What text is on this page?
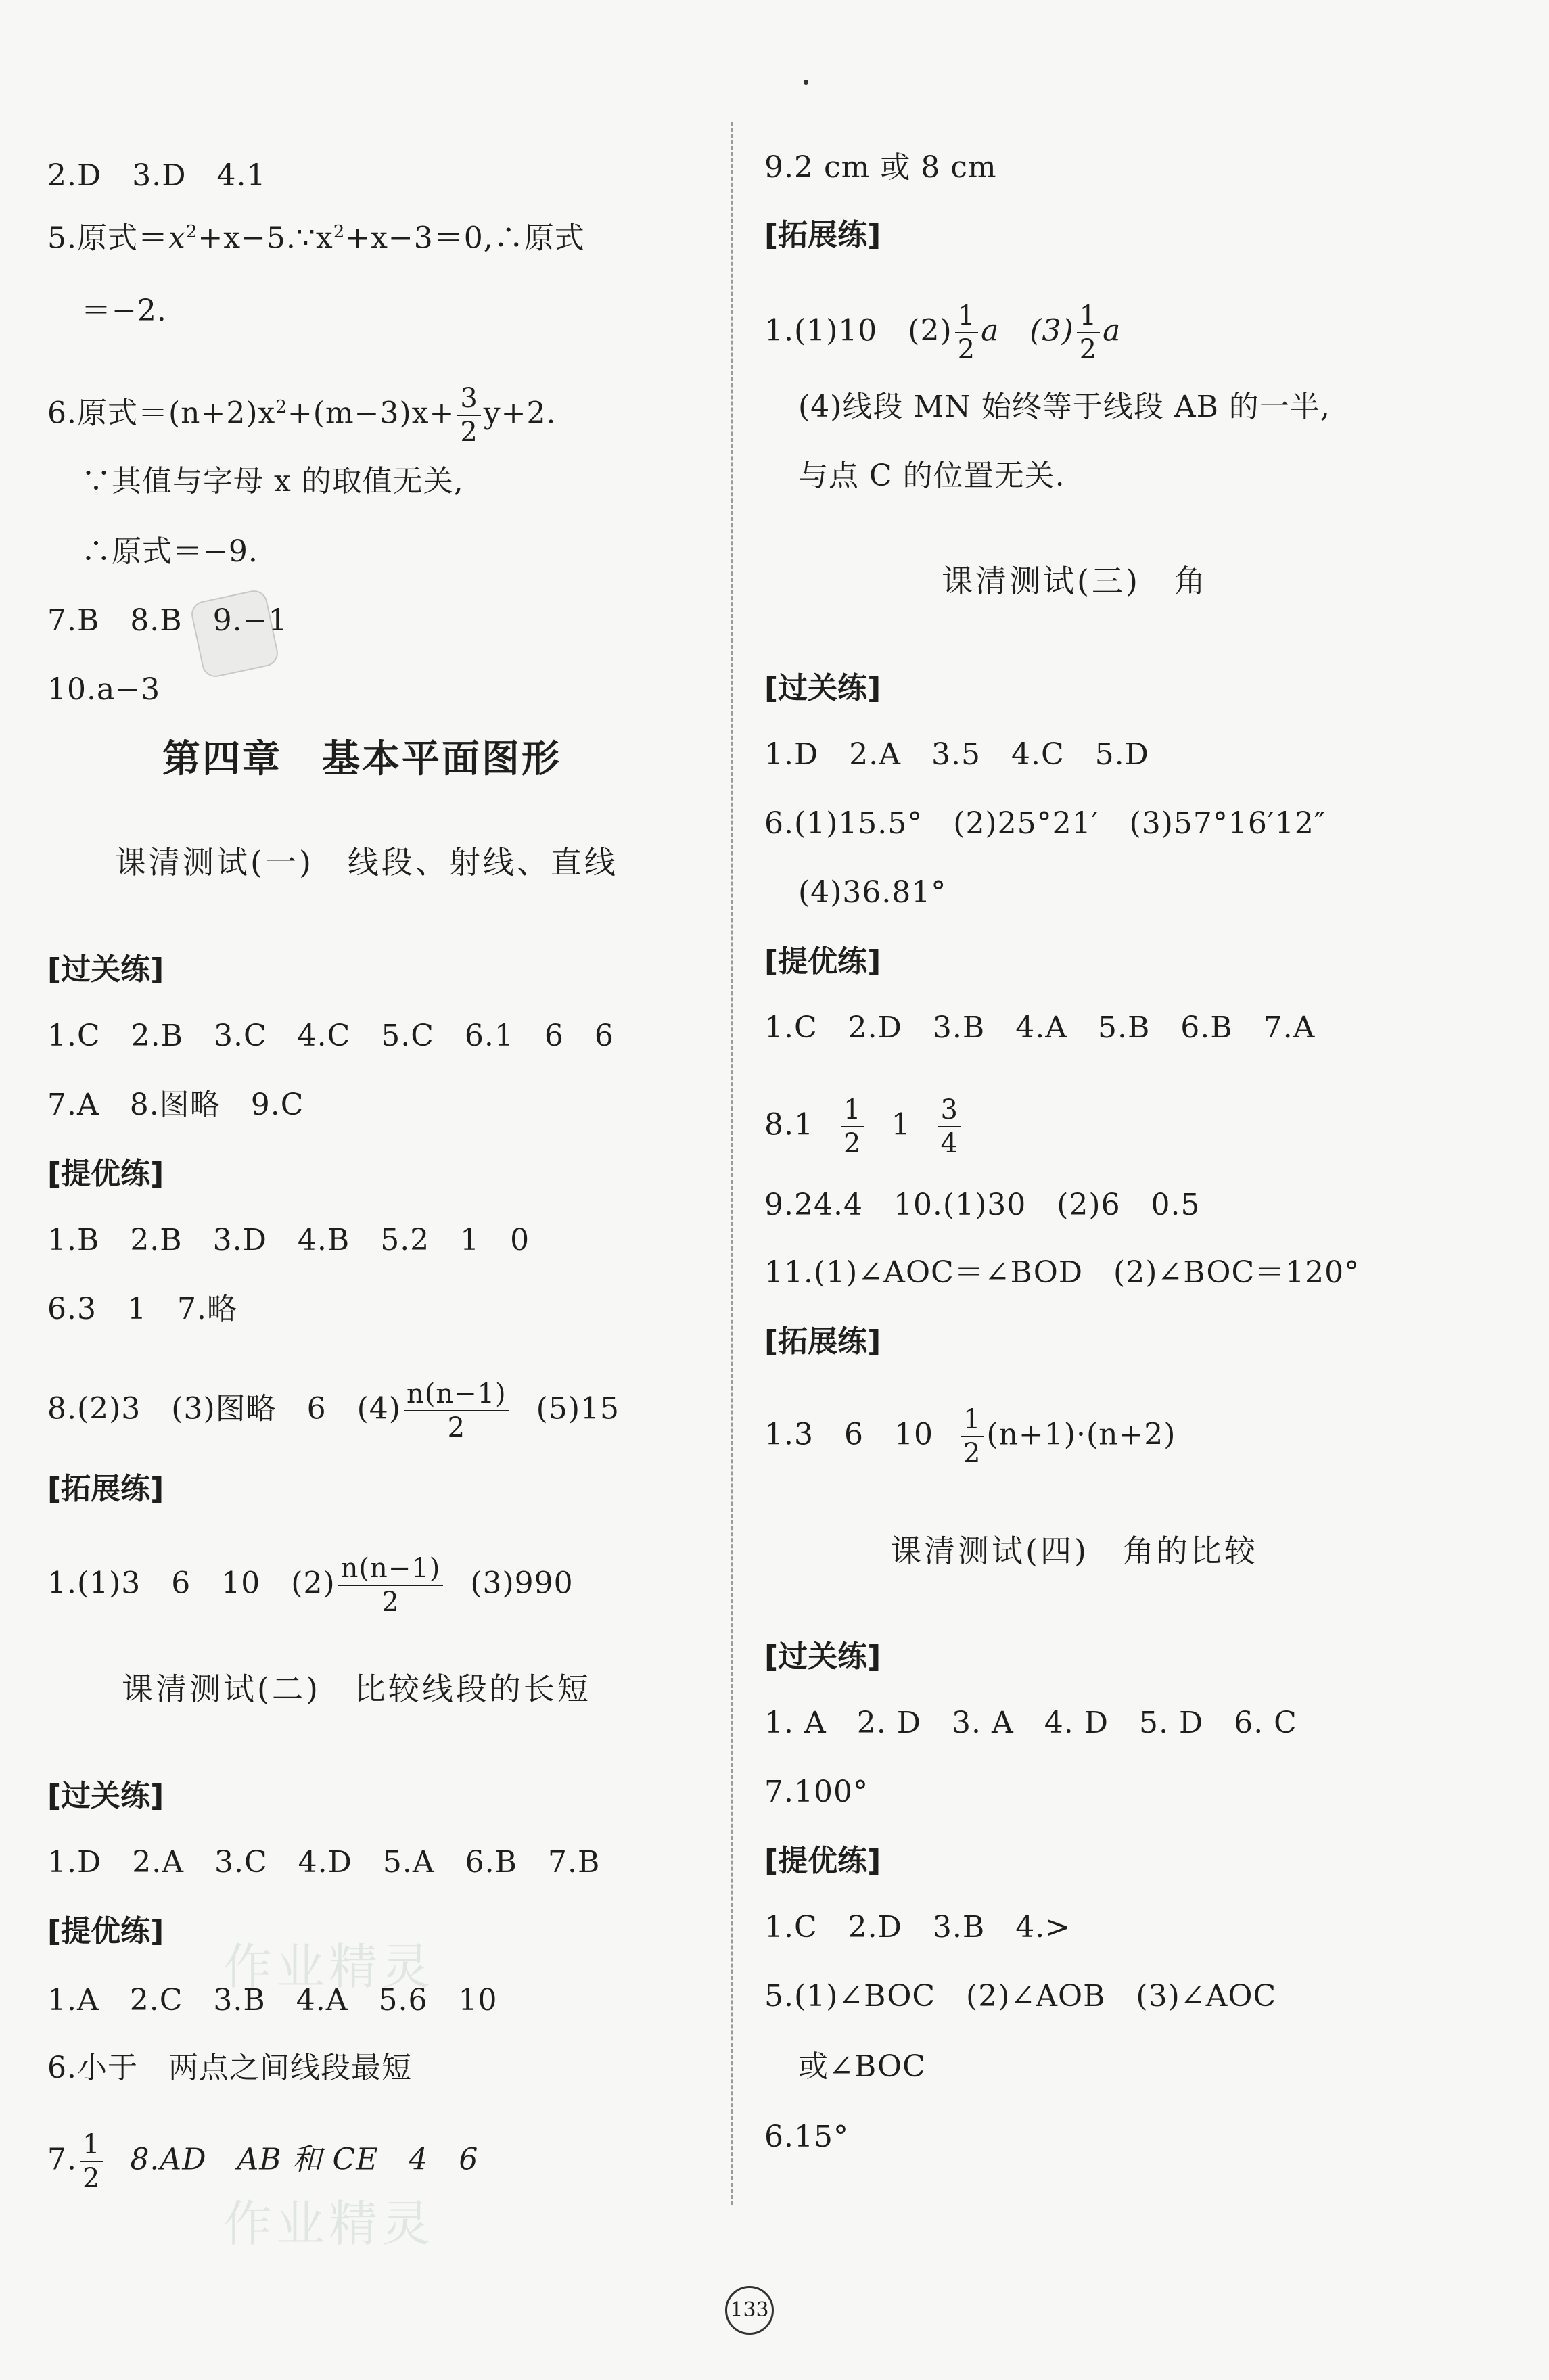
作业精灵
作业精灵
2.D　3.D　4.1
5.原式$=x^2+x-5.\because x^2+x-3=0,\therefore$原式
＝−2.
6.原式$=(n+2)x^2+(m-3)x+ \frac{3}{2} y+2$.
∵其值与字母 x 的取值无关,
∴原式＝−9.
7.B　8.B　9.−1
10.a−3
第四章　基本平面图形
课清测试(一)　线段、射线、直线
[过关练]
1.C　2.B　3.C　4.C　5.C　6.1　6　6
7.A　8.图略　9.C
[提优练]
1.B　2.B　3.D　4.B　5.2　1　0
6.3　1　7.略
8.(2)3　(3)图略　6　$(4) \frac{n(n-1)}{2} (5)15$
[拓展练]
1.(1)3　6　10　$(2) \frac{n(n-1)}{2} (3)990$
课清测试(二)　比较线段的长短
[过关练]
1.D　2.A　3.C　4.D　5.A　6.B　7.B
[提优练]
1.A　2.C　3.B　4.A　5.6　10
6.小于　两点之间线段最短
7. $\frac{1}{2} 8.AD$　AB 和 CE　4　6
9.2 cm 或 8 cm
[拓展练]
1.(1)10　$(2) \frac{1}{2}$ a　$(3) \frac{1}{2}$ a
(4)线段 MN 始终等于线段 AB 的一半,
与点 C 的位置无关.
课清测试(三)　角
[过关练]
1.D　2.A　3.5　4.C　5.D
6.(1)15.5°　(2)25°21′　(3)57°16′12″
(4)36.81°
[提优练]
1.C　2.D　3.B　4.A　5.B　6.B　7.A
$8.1 \frac{1}{2} 1 \frac{3}{4}$
9.24.4　10.(1)30　(2)6　0.5
11.(1)∠AOC＝∠BOD　(2)∠BOC＝120°
[拓展练]
1.3　6　$10 \frac{1}{2} (n+1)\cdot(n+2)$
课清测试(四)　角的比较
[过关练]
1. A　2. D　3. A　4. D　5. D　6. C
7.100°
[提优练]
1.C　2.D　3.B　4.>
5.(1)∠BOC　(2)∠AOB　(3)∠AOC
或∠BOC
6.15°
133
